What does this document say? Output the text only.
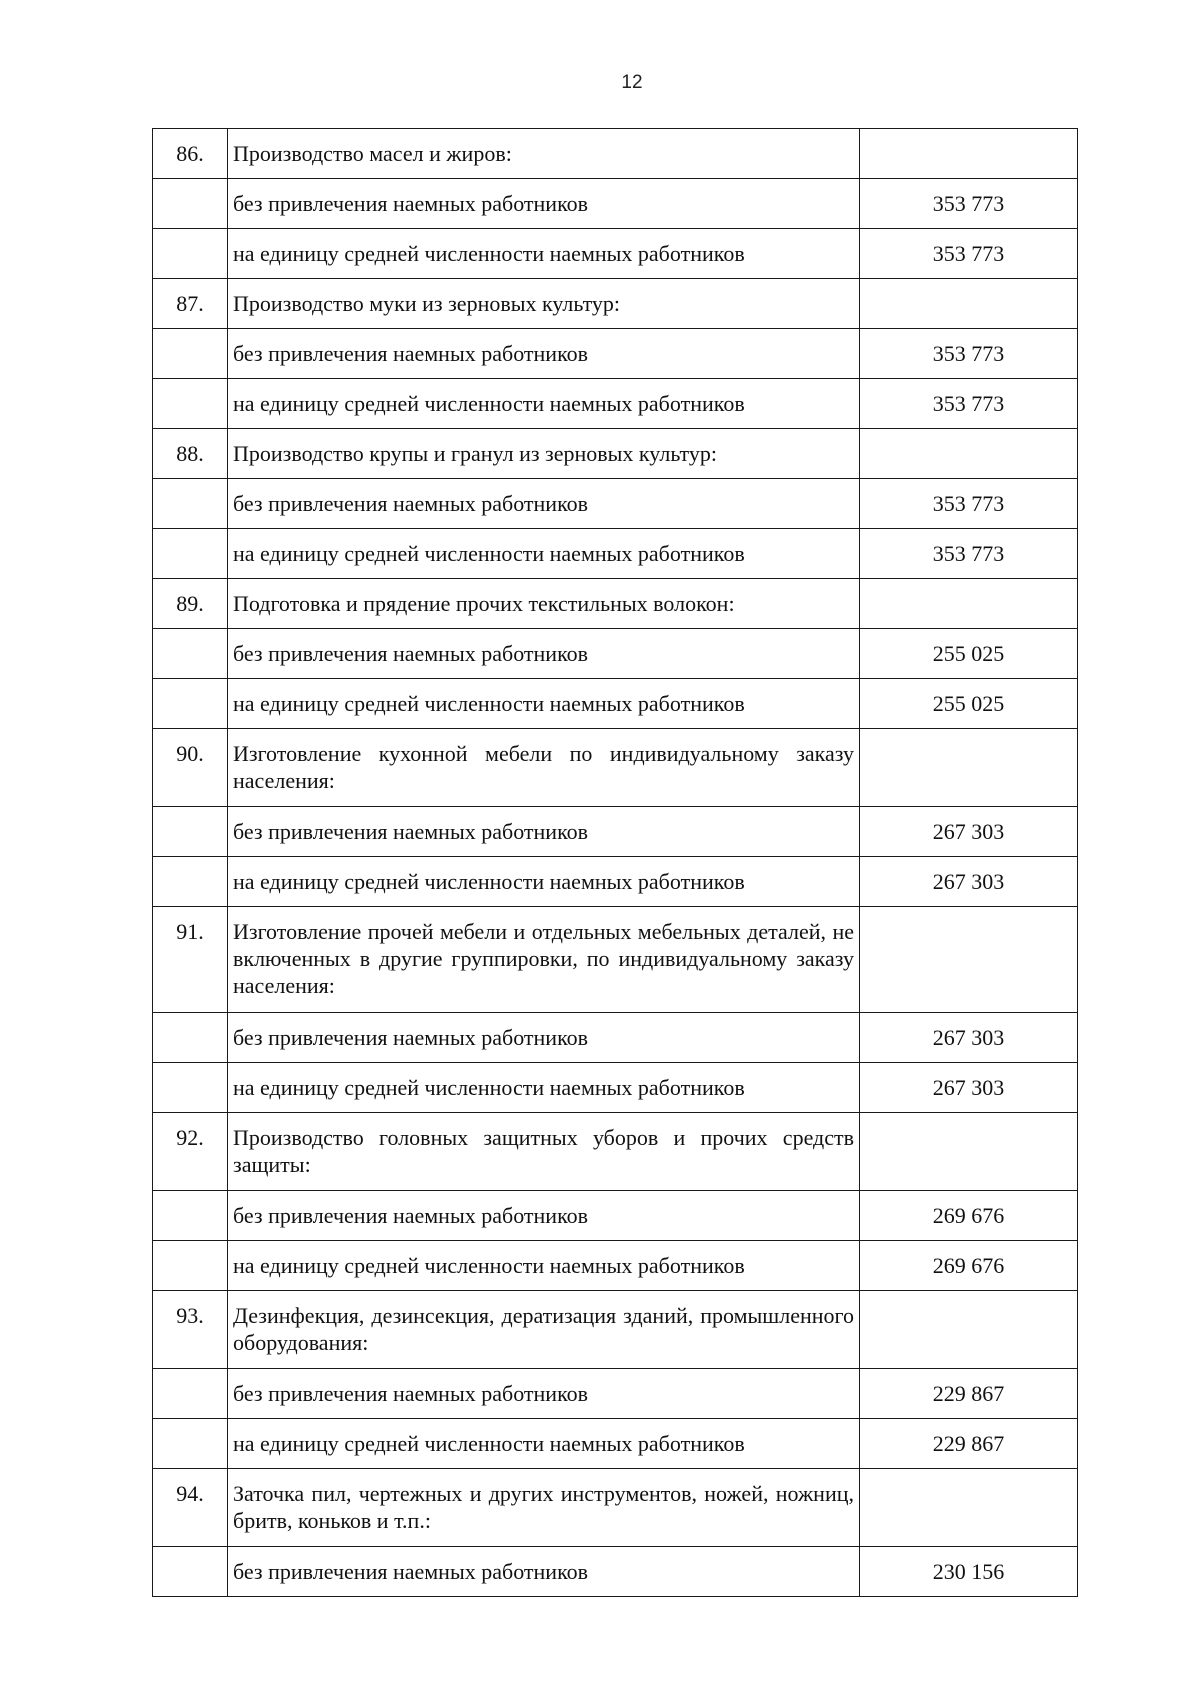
12
86.	Производство масел и жиров:	
	без привлечения наемных работников	353 773
	на единицу средней численности наемных работников	353 773
87.	Производство муки из зерновых культур:	
	без привлечения наемных работников	353 773
	на единицу средней численности наемных работников	353 773
88.	Производство крупы и гранул из зерновых культур:	
	без привлечения наемных работников	353 773
	на единицу средней численности наемных работников	353 773
89.	Подготовка и прядение прочих текстильных волокон:	
	без привлечения наемных работников	255 025
	на единицу средней численности наемных работников	255 025
90.	Изготовление кухонной мебели по индивидуальному заказу населения:	
	без привлечения наемных работников	267 303
	на единицу средней численности наемных работников	267 303
91.	Изготовление прочей мебели и отдельных мебельных деталей, не включенных в другие группировки, по индивидуальному заказу населения:	
	без привлечения наемных работников	267 303
	на единицу средней численности наемных работников	267 303
92.	Производство головных защитных уборов и прочих средств защиты:	
	без привлечения наемных работников	269 676
	на единицу средней численности наемных работников	269 676
93.	Дезинфекция, дезинсекция, дератизация зданий, промышленного оборудования:	
	без привлечения наемных работников	229 867
	на единицу средней численности наемных работников	229 867
94.	Заточка пил, чертежных и других инструментов, ножей, ножниц, бритв, коньков и т.п.:	
	без привлечения наемных работников	230 156
